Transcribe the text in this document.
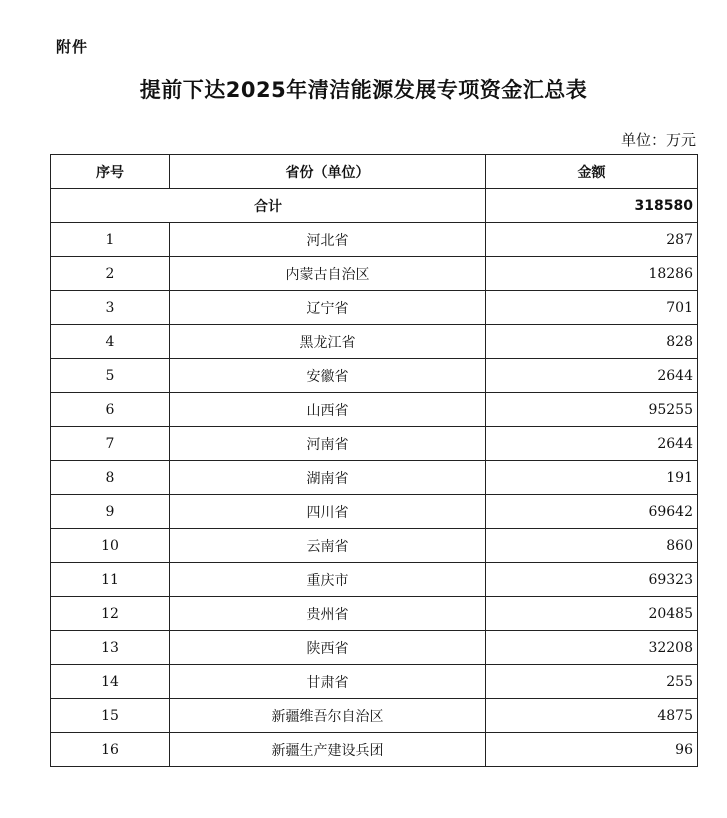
附件
提前下达2025年清洁能源发展专项资金汇总表
单位：万元
序号	省份（单位）	金额
合计		318580
1	河北省	287
2	内蒙古自治区	18286
3	辽宁省	701
4	黑龙江省	828
5	安徽省	2644
6	山西省	95255
7	河南省	2644
8	湖南省	191
9	四川省	69642
10	云南省	860
11	重庆市	69323
12	贵州省	20485
13	陕西省	32208
14	甘肃省	255
15	新疆维吾尔自治区	4875
16	新疆生产建设兵团	96
